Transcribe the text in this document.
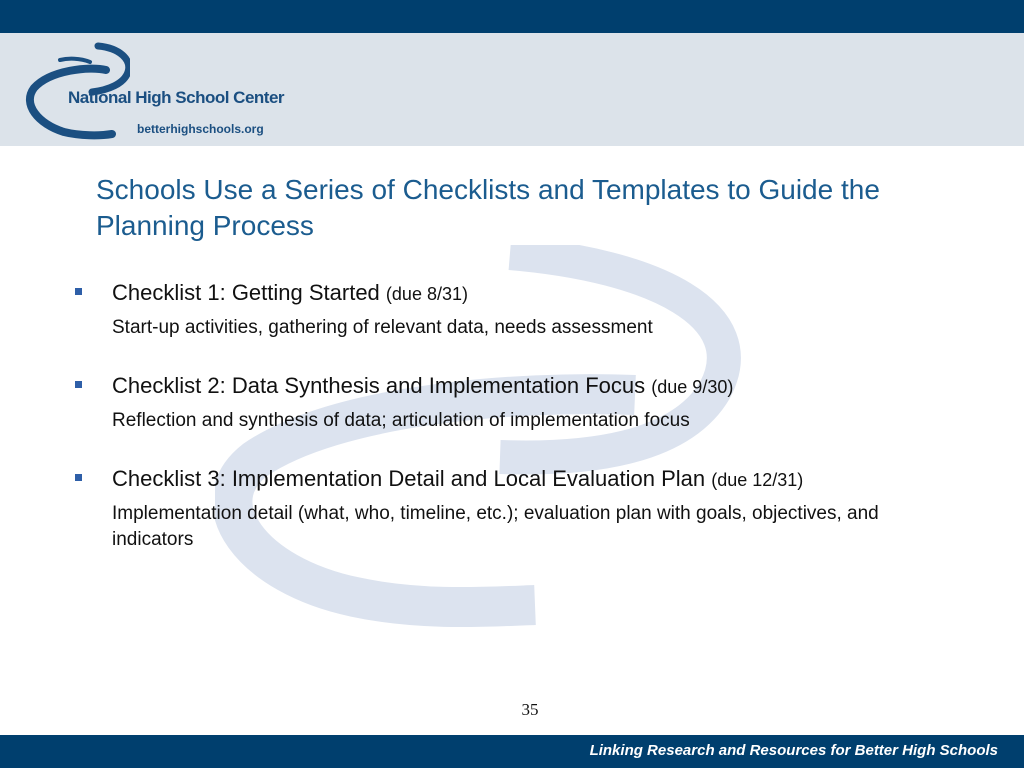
National High School Center
betterhighschools.org
Schools Use a Series of Checklists and Templates to Guide the Planning Process
Checklist 1: Getting Started (due 8/31)
Start-up activities, gathering of relevant data, needs assessment
Checklist 2: Data Synthesis and Implementation Focus (due 9/30)
Reflection and synthesis of data; articulation of implementation focus
Checklist 3: Implementation Detail and Local Evaluation Plan (due 12/31)
Implementation detail (what, who, timeline, etc.); evaluation plan with goals, objectives, and indicators
35
Linking Research and Resources for Better High Schools
